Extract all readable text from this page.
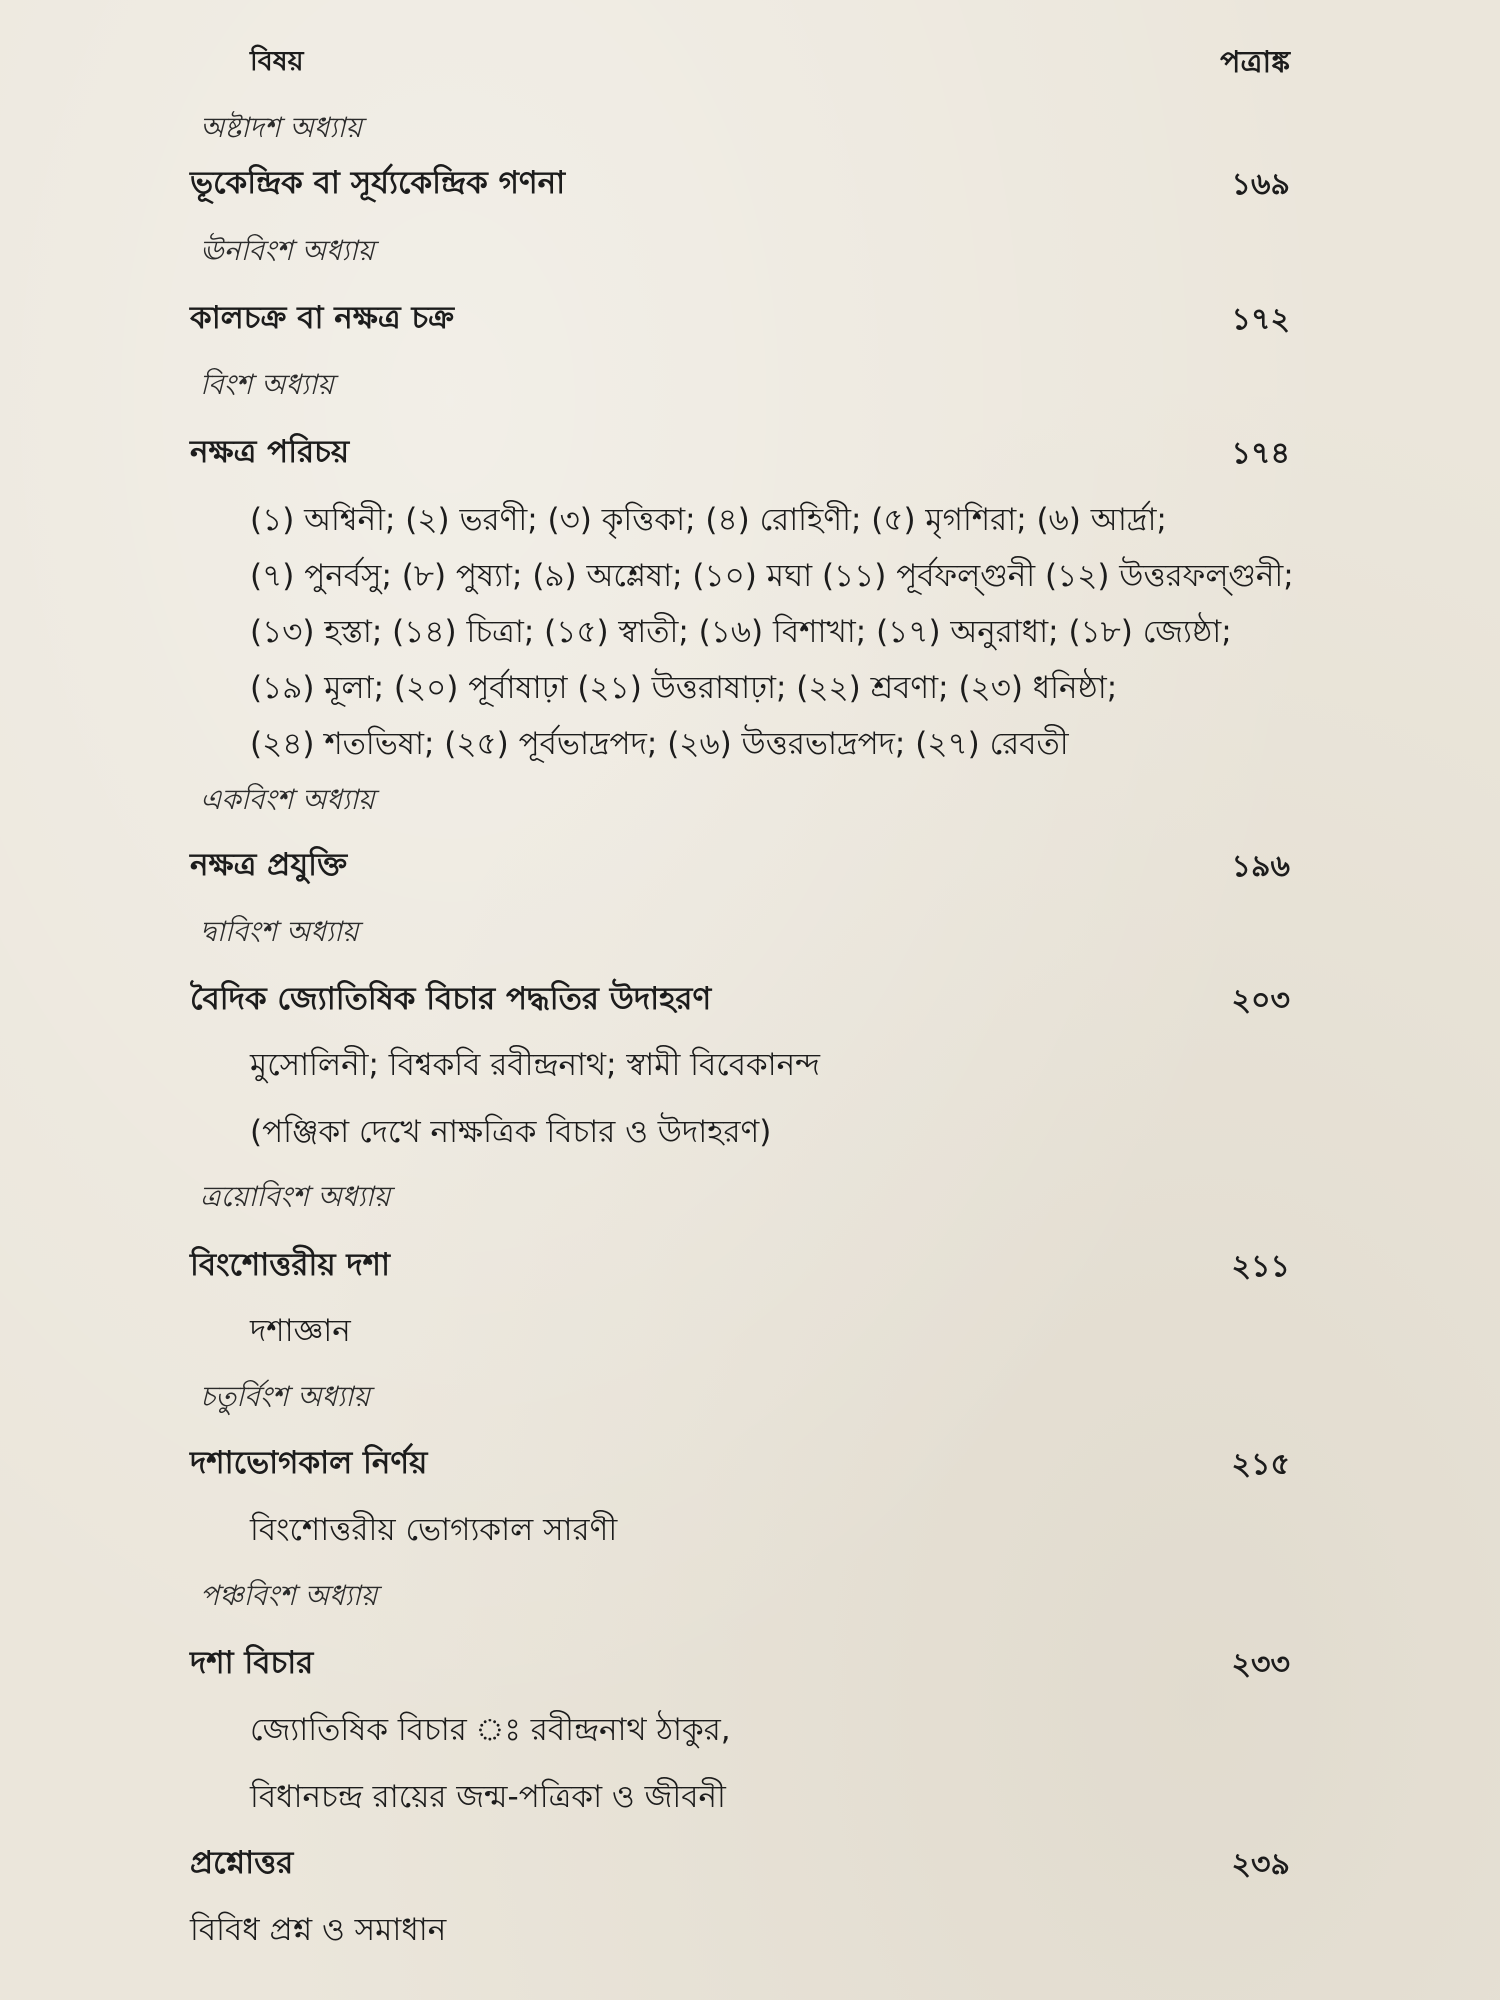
বিষয়	পত্রাঙ্ক
অষ্টাদশ অধ্যায়
ভূকেন্দ্রিক বা সূর্য্যকেন্দ্রিক গণনা	১৬৯
ঊনবিংশ অধ্যায়
কালচক্র বা নক্ষত্র চক্র	১৭২
বিংশ অধ্যায়
নক্ষত্র পরিচয়	১৭৪
(১) অশ্বিনী; (২) ভরণী; (৩) কৃত্তিকা; (৪) রোহিণী; (৫) মৃগশিরা; (৬) আর্দ্রা;
(৭) পুনর্বসু; (৮) পুষ্যা; (৯) অশ্লেষা; (১০) মঘা (১১) পূর্বফল্গুনী (১২) উত্তরফল্গুনী;
(১৩) হস্তা; (১৪) চিত্রা; (১৫) স্বাতী; (১৬) বিশাখা; (১৭) অনুরাধা; (১৮) জ্যেষ্ঠা;
(১৯) মূলা; (২০) পূর্বাষাঢ়া (২১) উত্তরাষাঢ়া; (২২) শ্রবণা; (২৩) ধনিষ্ঠা;
(২৪) শতভিষা; (২৫) পূর্বভাদ্রপদ; (২৬) উত্তরভাদ্রপদ; (২৭) রেবতী
একবিংশ অধ্যায়
নক্ষত্র প্রযুক্তি	১৯৬
দ্বাবিংশ অধ্যায়
বৈদিক জ্যোতিষিক বিচার পদ্ধতির উদাহরণ	২০৩
মুসোলিনী; বিশ্বকবি রবীন্দ্রনাথ; স্বামী বিবেকানন্দ
(পঞ্জিকা দেখে নাক্ষত্রিক বিচার ও উদাহরণ)
ত্রয়োবিংশ অধ্যায়
বিংশোত্তরীয় দশা	২১১
দশাজ্ঞান
চতুর্বিংশ অধ্যায়
দশাভোগকাল নির্ণয়	২১৫
বিংশোত্তরীয় ভোগ্যকাল সারণী
পঞ্চবিংশ অধ্যায়
দশা বিচার	২৩৩
জ্যোতিষিক বিচার ঃ রবীন্দ্রনাথ ঠাকুর,
বিধানচন্দ্র রায়ের জন্ম-পত্রিকা ও জীবনী
প্রশ্নোত্তর	২৩৯
বিবিধ প্রশ্ন ও সমাধান
